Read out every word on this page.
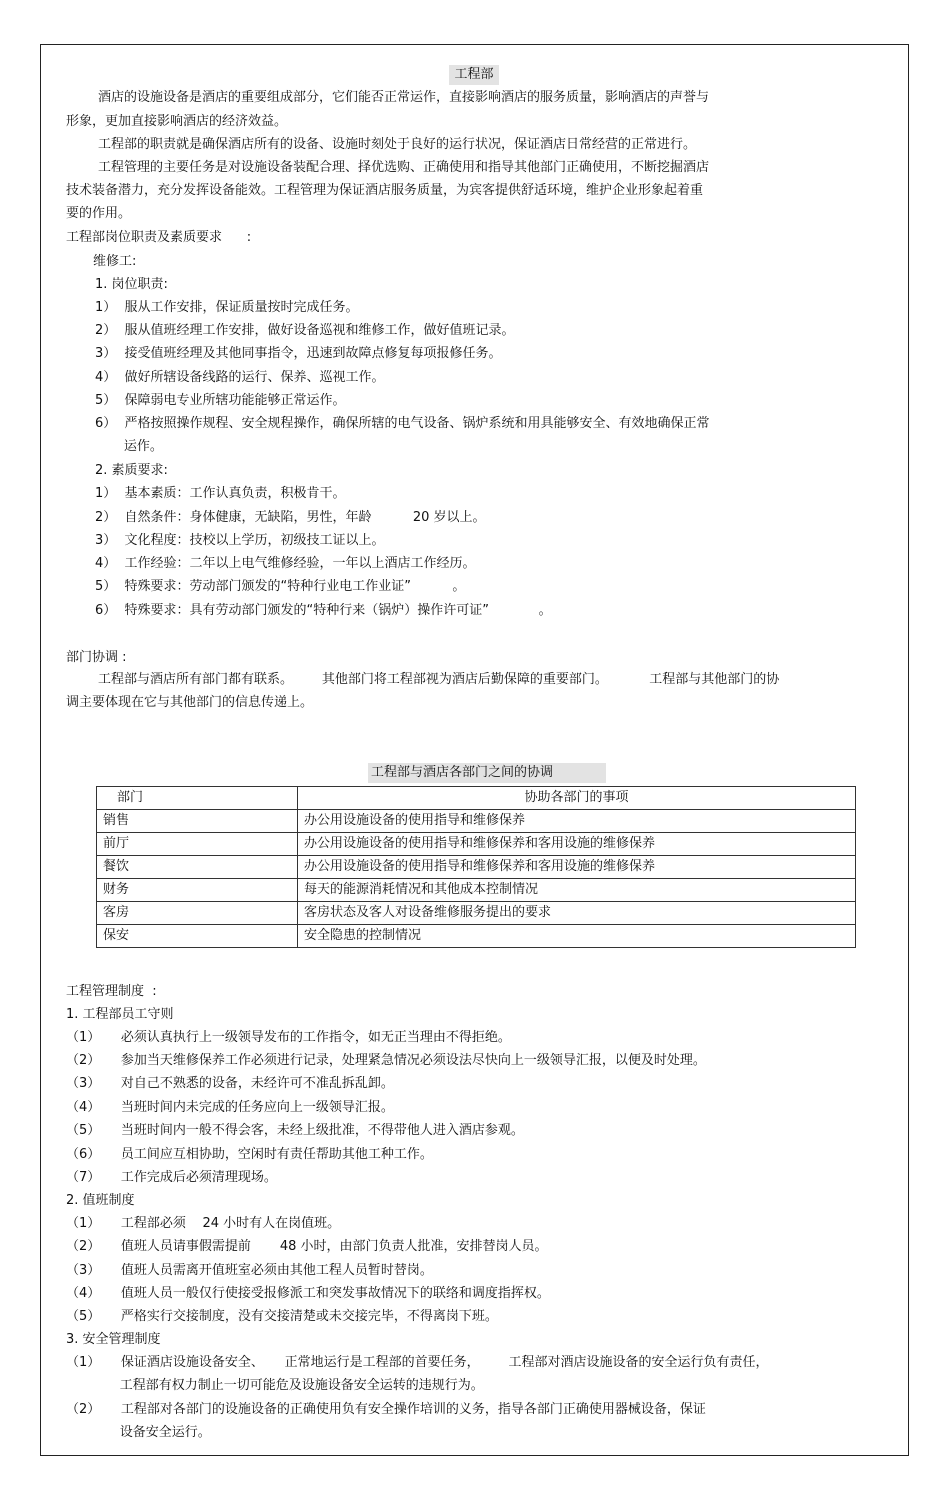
工程部
酒店的设施设备是酒店的重要组成部分，它们能否正常运作，直接影响酒店的服务质量，影响酒店的声誉与
形象，更加直接影响酒店的经济效益。
工程部的职责就是确保酒店所有的设备、设施时刻处于良好的运行状况，保证酒店日常经营的正常进行。
工程管理的主要任务是对设施设备装配合理、择优选购、正确使用和指导其他部门正确使用，不断挖掘酒店
技术装备潜力，充分发挥设备能效。工程管理为保证酒店服务质量，为宾客提供舒适环境，维护企业形象起着重
要的作用。
工程部岗位职责及素质要求      :
维修工:
1. 岗位职责:
1）  服从工作安排，保证质量按时完成任务。
2）  服从值班经理工作安排，做好设备巡视和维修工作，做好值班记录。
3）  接受值班经理及其他同事指令，迅速到故障点修复每项报修任务。
4）  做好所辖设备线路的运行、保养、巡视工作。
5）  保障弱电专业所辖功能能够正常运作。
6）  严格按照操作规程、安全规程操作，确保所辖的电气设备、锅炉系统和用具能够安全、有效地确保正常
运作。
2. 素质要求:
1）  基本素质：工作认真负责，积极肯干。
2）  自然条件：身体健康，无缺陷，男性，年龄          20 岁以上。
3）  文化程度：技校以上学历，初级技工证以上。
4）  工作经验：二年以上电气维修经验，一年以上酒店工作经历。
5）  特殊要求：劳动部门颁发的“特种行业电工作业证”          。
6）  特殊要求：具有劳动部门颁发的“特种行来（锅炉）操作许可证”            。
部门协调 :
工程部与酒店所有部门都有联系。       其他部门将工程部视为酒店后勤保障的重要部门。          工程部与其他部门的协
调主要体现在它与其他部门的信息传递上。
工程部与酒店各部门之间的协调
部门	协助各部门的事项
销售	办公用设施设备的使用指导和维修保养
前厅	办公用设施设备的使用指导和维修保养和客用设施的维修保养
餐饮	办公用设施设备的使用指导和维修保养和客用设施的维修保养
财务	每天的能源消耗情况和其他成本控制情况
客房	客房状态及客人对设备维修服务提出的要求
保安	安全隐患的控制情况
工程管理制度  :
1. 工程部员工守则
（1）     必须认真执行上一级领导发布的工作指令，如无正当理由不得拒绝。
（2）     参加当天维修保养工作必须进行记录，处理紧急情况必须设法尽快向上一级领导汇报，以便及时处理。
（3）     对自己不熟悉的设备，未经许可不准乱拆乱卸。
（4）     当班时间内未完成的任务应向上一级领导汇报。
（5）     当班时间内一般不得会客，未经上级批准，不得带他人进入酒店参观。
（6）     员工间应互相协助，空闲时有责任帮助其他工种工作。
（7）     工作完成后必须清理现场。
2. 值班制度
（1）     工程部必须    24 小时有人在岗值班。
（2）     值班人员请事假需提前       48 小时，由部门负责人批准，安排替岗人员。
（3）     值班人员需离开值班室必须由其他工程人员暂时替岗。
（4）     值班人员一般仅行使接受报修派工和突发事故情况下的联络和调度指挥权。
（5）     严格实行交接制度，没有交接清楚或未交接完毕，不得离岗下班。
3. 安全管理制度
（1）     保证酒店设施设备安全、     正常地运行是工程部的首要任务，       工程部对酒店设施设备的安全运行负有责任，
工程部有权力制止一切可能危及设施设备安全运转的违规行为。
（2）     工程部对各部门的设施设备的正确使用负有安全操作培训的义务，指导各部门正确使用器械设备，保证
设备安全运行。
